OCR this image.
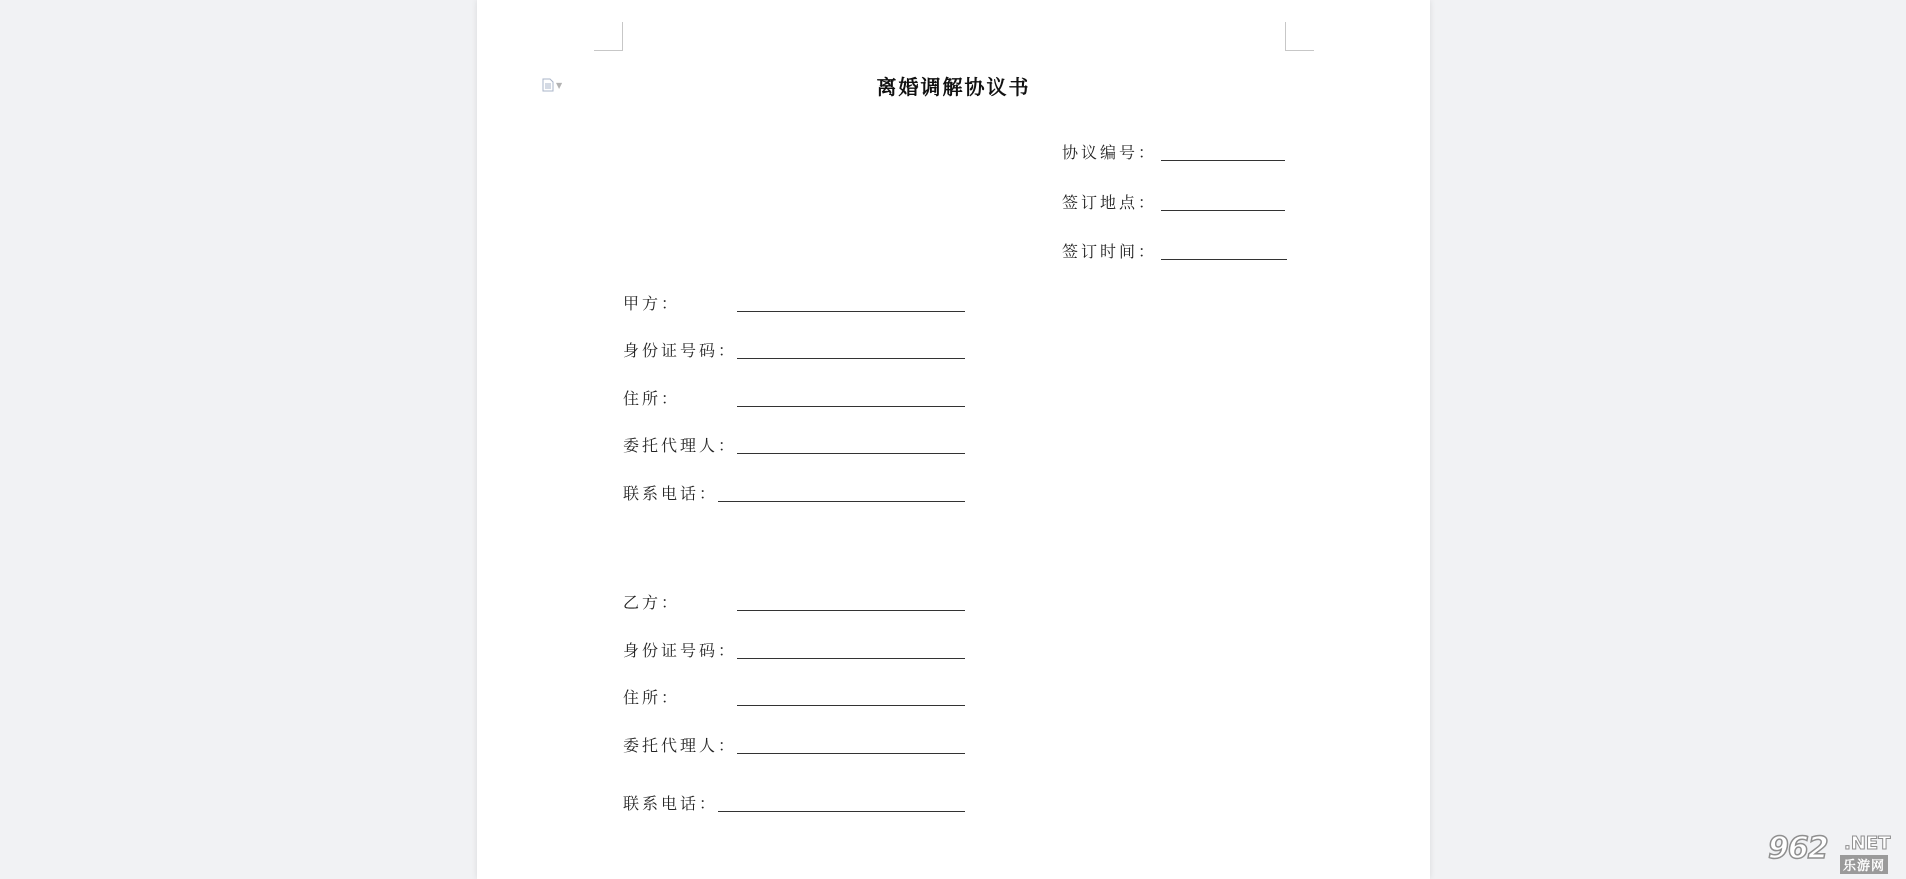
▼	离婚调解协议书
协议编号：
签订地点：
签订时间：
甲方：
身份证号码：
住所：
委托代理人：
联系电话：
乙方：
身份证号码：
住所：
委托代理人：
联系电话：
962 .NET
乐游网
